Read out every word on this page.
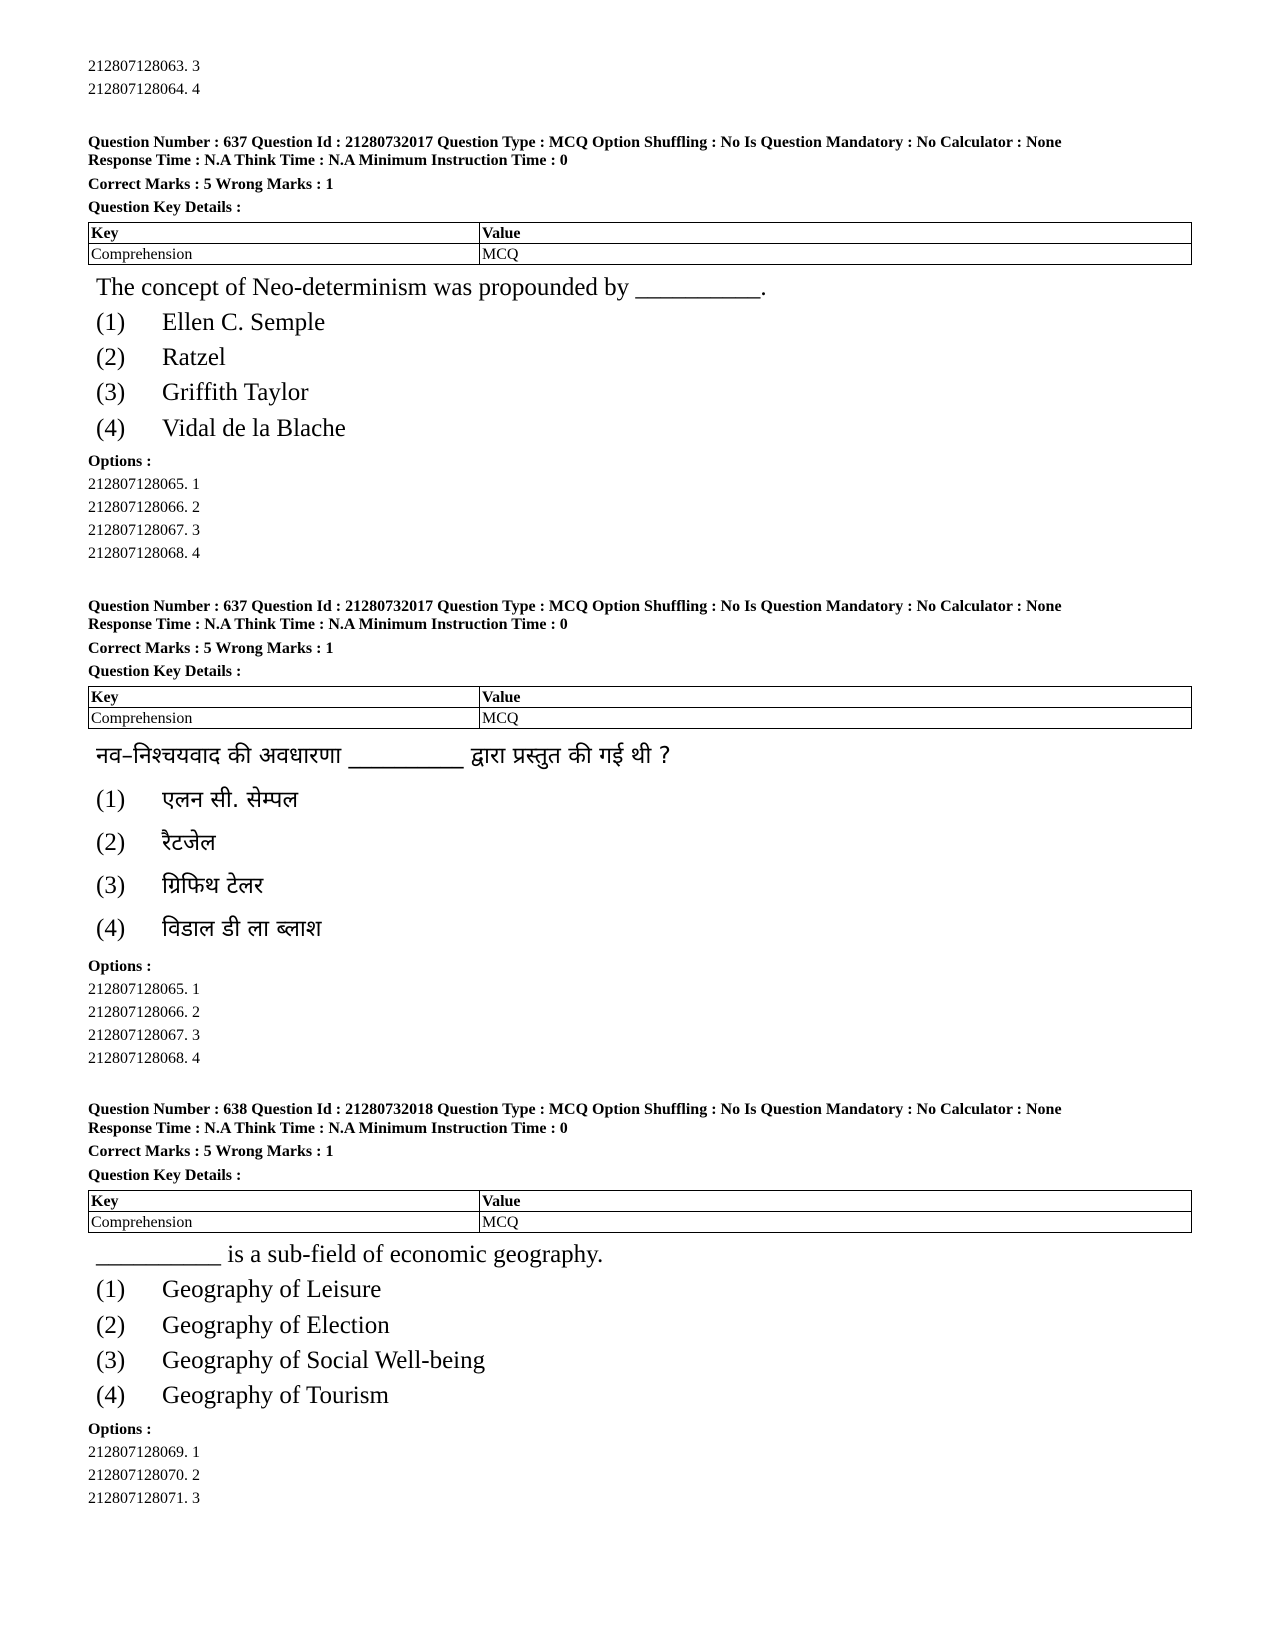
212807128063. 3
212807128064. 4
Question Number : 637 Question Id : 21280732017 Question Type : MCQ Option Shuffling : No Is Question Mandatory : No Calculator : None
Response Time : N.A Think Time : N.A Minimum Instruction Time : 0
Correct Marks : 5 Wrong Marks : 1
Question Key Details :
Key	Value
Comprehension	MCQ
The concept of Neo-determinism was propounded by __________.
(1) Ellen C. Semple
(2) Ratzel
(3) Griffith Taylor
(4) Vidal de la Blache
Options :
212807128065. 1
212807128066. 2
212807128067. 3
212807128068. 4
Question Number : 637 Question Id : 21280732017 Question Type : MCQ Option Shuffling : No Is Question Mandatory : No Calculator : None
Response Time : N.A Think Time : N.A Minimum Instruction Time : 0
Correct Marks : 5 Wrong Marks : 1
Question Key Details :
Key	Value
Comprehension	MCQ
नव–निश्चयवाद की अवधारणा __________ द्वारा प्रस्तुत की गई थी ?
(1) एलन सी. सेम्पल
(2) रैटजेल
(3) ग्रिफिथ टेलर
(4) विडाल डी ला ब्लाश
Options :
212807128065. 1
212807128066. 2
212807128067. 3
212807128068. 4
Question Number : 638 Question Id : 21280732018 Question Type : MCQ Option Shuffling : No Is Question Mandatory : No Calculator : None
Response Time : N.A Think Time : N.A Minimum Instruction Time : 0
Correct Marks : 5 Wrong Marks : 1
Question Key Details :
Key	Value
Comprehension	MCQ
__________ is a sub-field of economic geography.
(1) Geography of Leisure
(2) Geography of Election
(3) Geography of Social Well-being
(4) Geography of Tourism
Options :
212807128069. 1
212807128070. 2
212807128071. 3
